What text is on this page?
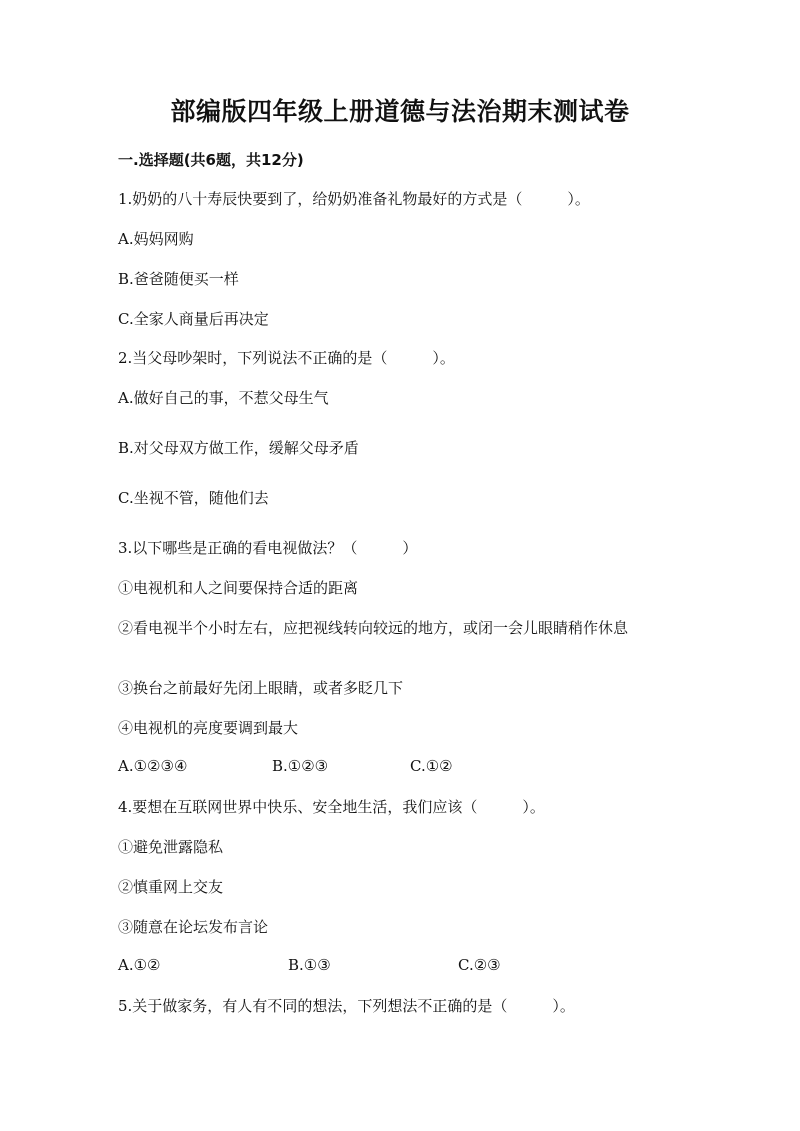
部编版四年级上册道德与法治期末测试卷
一.选择题(共6题，共12分)
1.奶奶的八十寿辰快要到了，给奶奶准备礼物最好的方式是（　　　）。
A.妈妈网购
B.爸爸随便买一样
C.全家人商量后再决定
2.当父母吵架时，下列说法不正确的是（　　　）。
A.做好自己的事，不惹父母生气
B.对父母双方做工作，缓解父母矛盾
C.坐视不管，随他们去
3.以下哪些是正确的看电视做法？（　　　）
①电视机和人之间要保持合适的距离
②看电视半个小时左右，应把视线转向较远的地方，或闭一会儿眼睛稍作休息
③换台之前最好先闭上眼睛，或者多眨几下
④电视机的亮度要调到最大
A.①②③④	B.①②③	C.①②
4.要想在互联网世界中快乐、安全地生活，我们应该（　　　）。
①避免泄露隐私
②慎重网上交友
③随意在论坛发布言论
A.①②	B.①③	C.②③
5.关于做家务，有人有不同的想法，下列想法不正确的是（　　　）。
